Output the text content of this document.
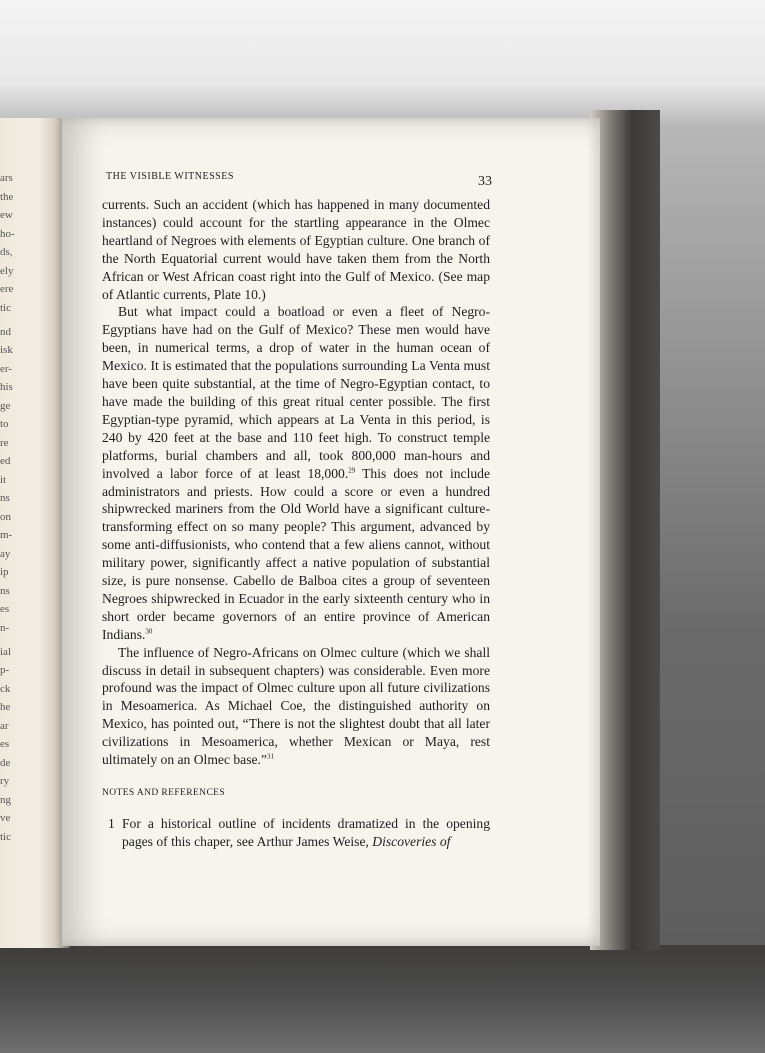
ars
the
ew
ho-
ds,
ely
ere
tic
nd
isk
er-
his
ge
to
re
ed
it
ns
on
m-
ay
ip
ns
es
n-
ial
p-
ck
he
ar
es
de
ry
ng
ve
tic
THE VISIBLE WITNESSES	33

currents. Such an accident (which has happened in many documented instances) could account for the startling appearance in the Olmec heartland of Negroes with elements of Egyptian culture. One branch of the North Equatorial current would have taken them from the North African or West African coast right into the Gulf of Mexico. (See map of Atlantic currents, Plate 10.)

But what impact could a boatload or even a fleet of Negro-Egyptians have had on the Gulf of Mexico? These men would have been, in numerical terms, a drop of water in the human ocean of Mexico. It is estimated that the populations surrounding La Venta must have been quite substantial, at the time of Negro-Egyptian contact, to have made the building of this great ritual center possible. The first Egyptian-type pyramid, which appears at La Venta in this period, is 240 by 420 feet at the base and 110 feet high. To construct temple platforms, burial chambers and all, took 800,000 man-hours and involved a labor force of at least 18,000.29 This does not include administrators and priests. How could a score or even a hundred shipwrecked mariners from the Old World have a significant culture-transforming effect on so many people? This argument, advanced by some anti-diffusionists, who contend that a few aliens cannot, without military power, significantly affect a native population of substantial size, is pure nonsense. Cabello de Balboa cites a group of seventeen Negroes shipwrecked in Ecuador in the early sixteenth century who in short order became governors of an entire province of American Indians.$^{30}$

The influence of Negro-Africans on Olmec culture (which we shall discuss in detail in subsequent chapters) was considerable. Even more profound was the impact of Olmec culture upon all future civilizations in Mesoamerica. As Michael Coe, the distinguished authority on Mexico, has pointed out, “There is not the slightest doubt that all later civilizations in Mesoamerica, whether Mexican or Maya, rest ultimately on an Olmec base.”$^{31}$

NOTES AND REFERENCES
1 For a historical outline of incidents dramatized in the opening pages of this chaper, see Arthur James Weise, Discoveries of
